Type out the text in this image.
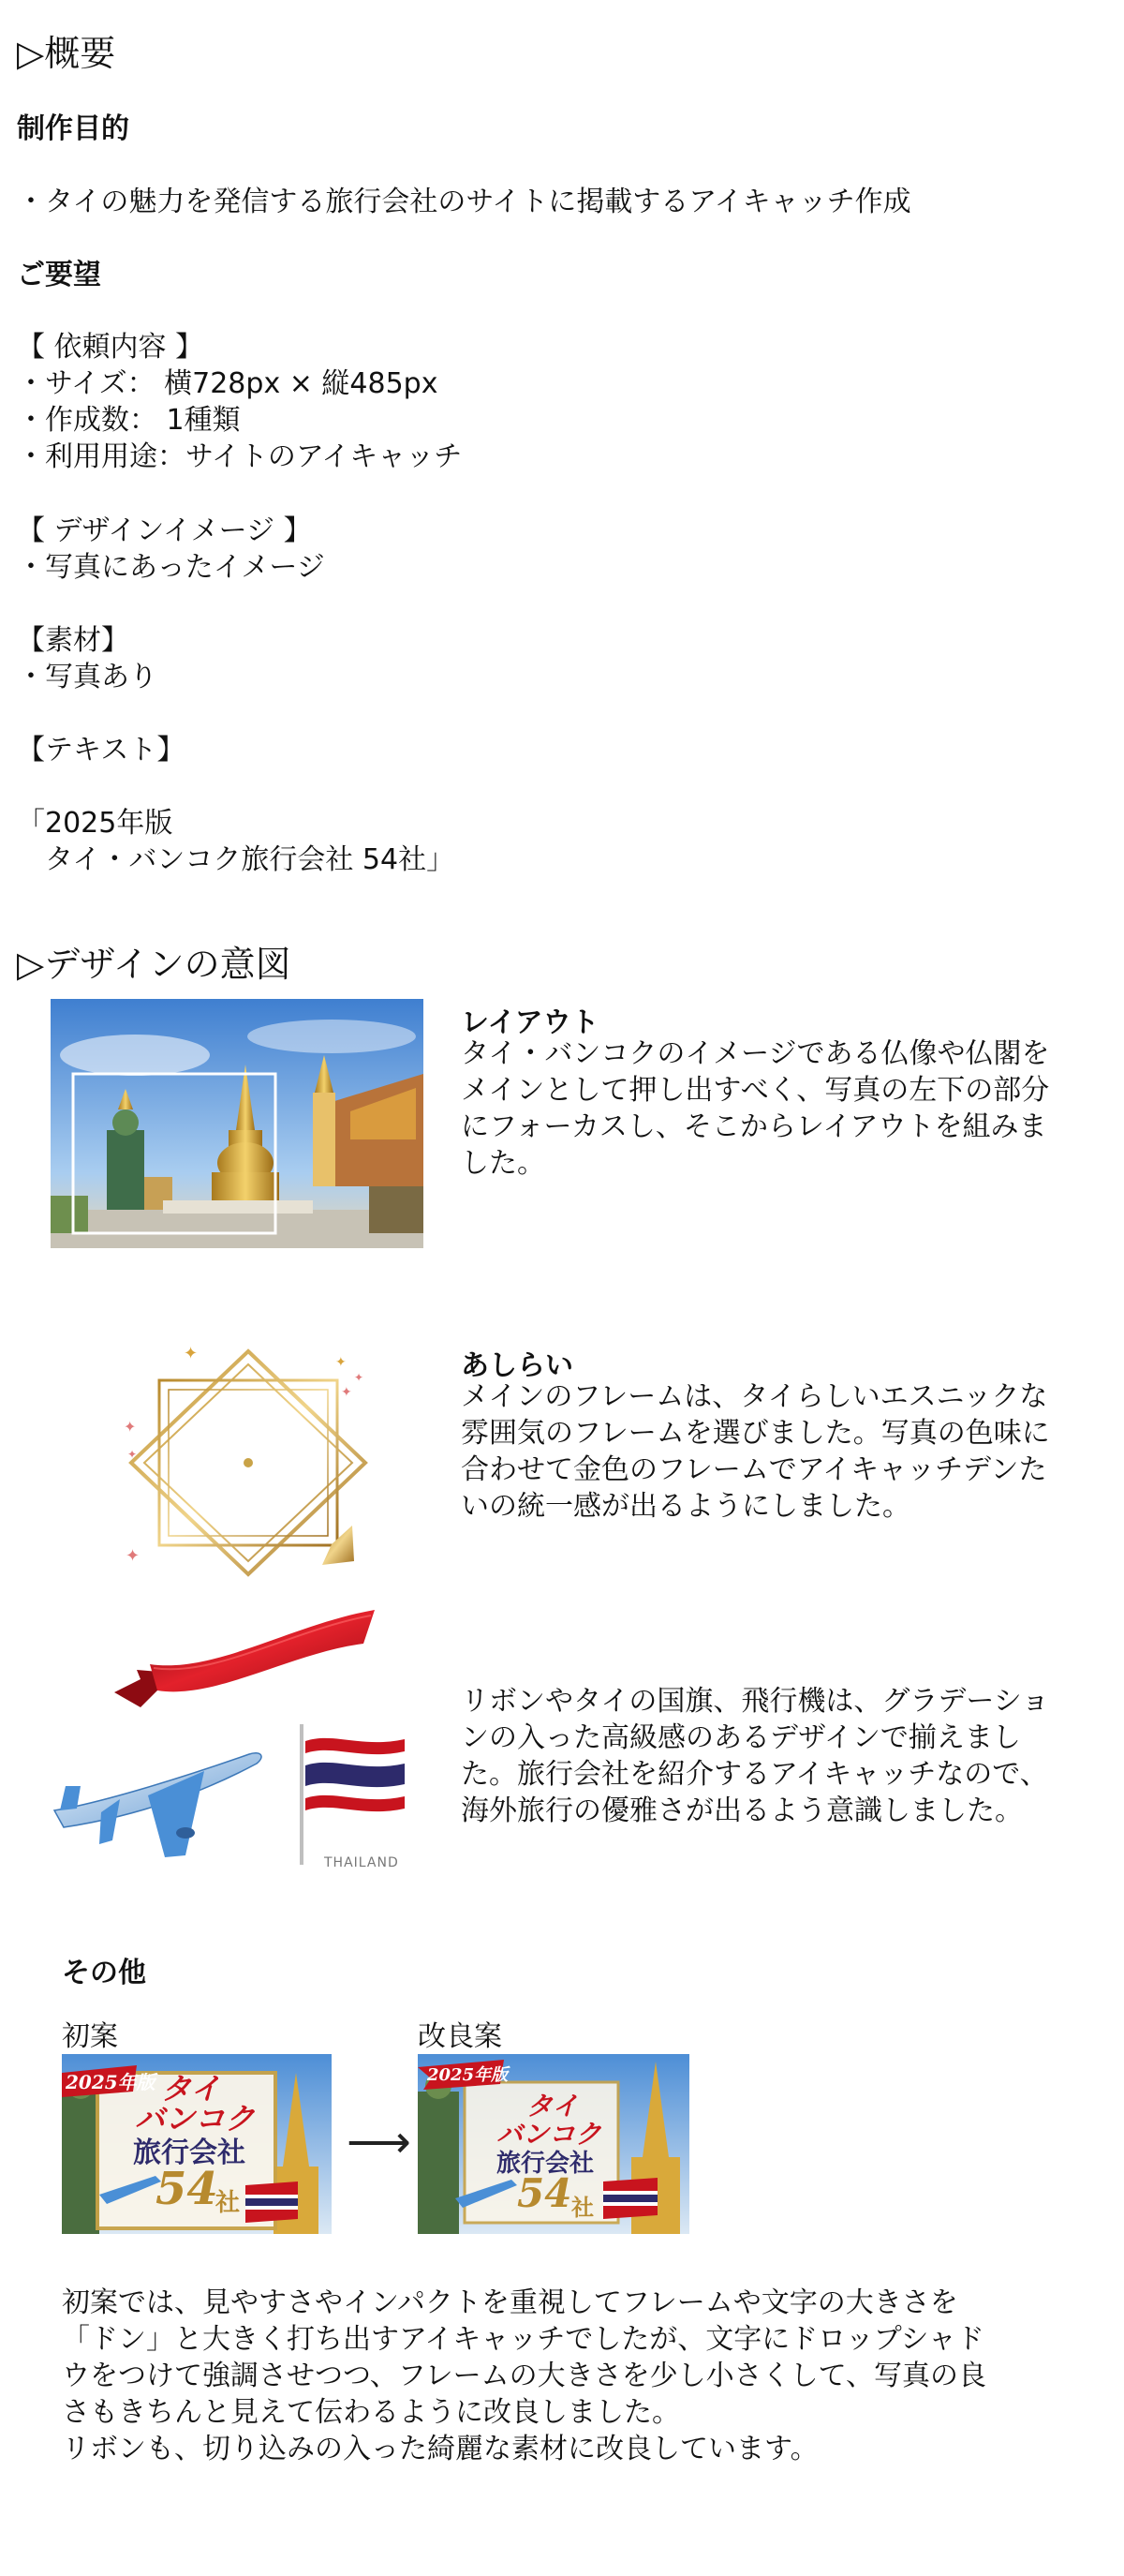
▷概要
制作目的
・タイの魅力を発信する旅行会社のサイトに掲載するアイキャッチ作成
ご要望
【 依頼内容 】
・サイズ： 横728px × 縦485px
・作成数： 1種類
・利用用途：サイトのアイキャッチ
【 デザインイメージ 】
・写真にあったイメージ
【素材】
・写真あり
【テキスト】
「2025年版
　タイ・バンコク旅行会社 54社」
▷デザインの意図
レイアウト
タイ・バンコクのイメージである仏像や仏閣を
メインとして押し出すべく、写真の左下の部分
にフォーカスし、そこからレイアウトを組みま
した。
✦	✦
✦
✦
✦
✦
✦	あしらい
メインのフレームは、タイらしいエスニックな
雰囲気のフレームを選びました。写真の色味に
合わせて金色のフレームでアイキャッチデンた
いの統一感が出るようにしました。
THAILAND
リボンやタイの国旗、飛行機は、グラデーショ
ンの入った高級感のあるデザインで揃えまし
た。旅行会社を紹介するアイキャッチなので、
海外旅行の優雅さが出るよう意識しました。
その他
初案	改良案
2025年版 タイ
バンコク
旅行会社
54
社
⟶
2025年版
タイ
バンコク
旅行会社
54 社
初案では、見やすさやインパクトを重視してフレームや文字の大きさを
「ドン」と大きく打ち出すアイキャッチでしたが、文字にドロップシャド
ウをつけて強調させつつ、フレームの大きさを少し小さくして、写真の良
さもきちんと見えて伝わるように改良しました。
リボンも、切り込みの入った綺麗な素材に改良しています。
